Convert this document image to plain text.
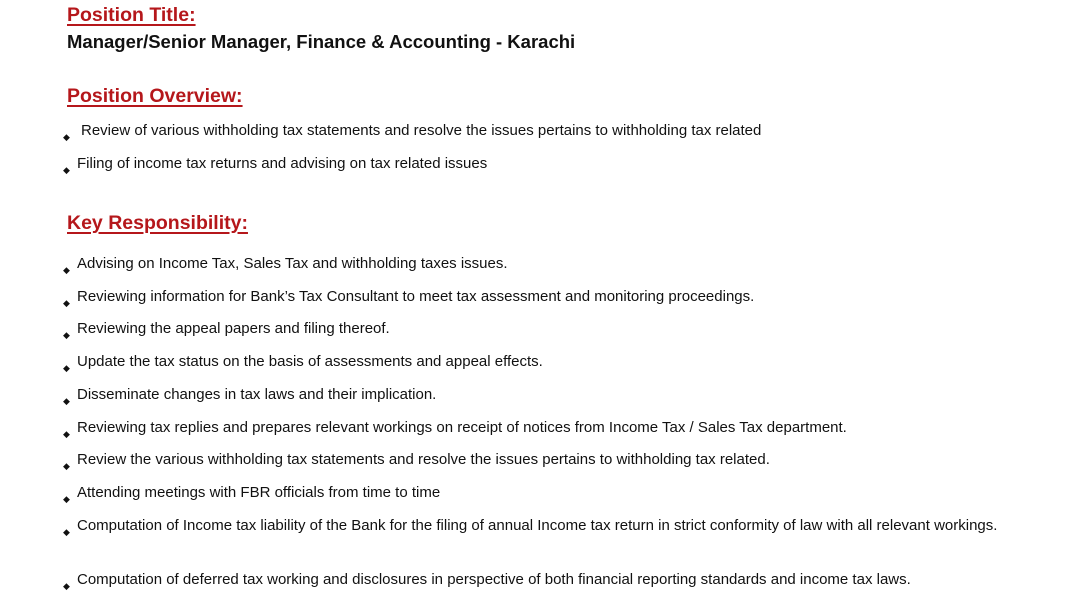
Position Title:
Manager/Senior Manager, Finance & Accounting - Karachi
Position Overview:
◆ Review of various withholding tax statements and resolve the issues pertains to withholding tax related
◆ Filing of income tax returns and advising on tax related issues
Key Responsibility:
◆ Advising on Income Tax, Sales Tax and withholding taxes issues.
◆ Reviewing information for Bank’s Tax Consultant to meet tax assessment and monitoring proceedings.
◆ Reviewing the appeal papers and filing thereof.
◆ Update the tax status on the basis of assessments and appeal effects.
◆ Disseminate changes in tax laws and their implication.
◆ Reviewing tax replies and prepares relevant workings on receipt of notices from Income Tax / Sales Tax department.
◆ Review the various withholding tax statements and resolve the issues pertains to withholding tax related.
◆ Attending meetings with FBR officials from time to time
◆ Computation of Income tax liability of the Bank for the filing of annual Income tax return in strict conformity of law with all relevant workings.
◆ Computation of deferred tax working and disclosures in perspective of both financial reporting standards and income tax laws.
